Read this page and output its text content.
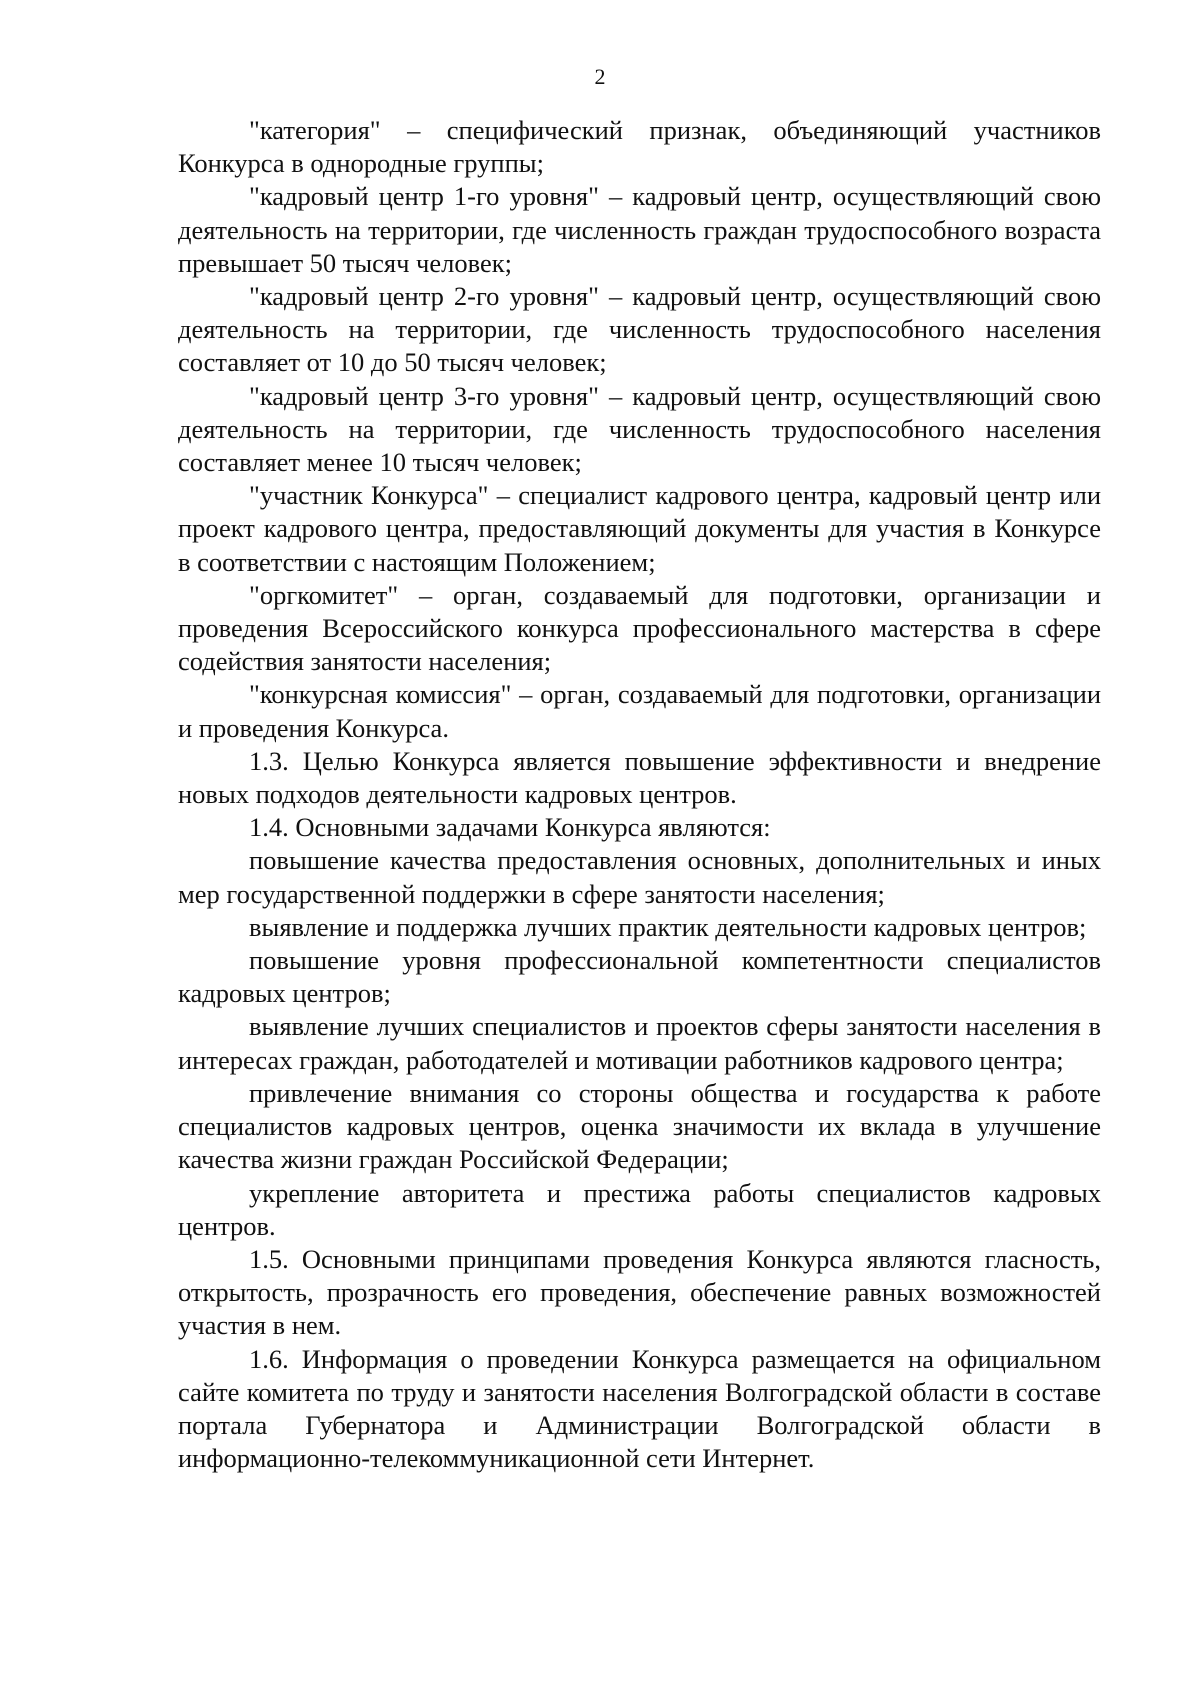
2

"категория" – специфический признак, объединяющий участников Конкурса в однородные группы;

"кадровый центр 1-го уровня" – кадровый центр, осуществляющий свою деятельность на территории, где численность граждан трудоспособного возраста превышает 50 тысяч человек;

"кадровый центр 2-го уровня" – кадровый центр, осуществляющий свою деятельность на территории, где численность трудоспособного населения составляет от 10 до 50 тысяч человек;

"кадровый центр 3-го уровня" – кадровый центр, осуществляющий свою деятельность на территории, где численность трудоспособного населения составляет менее 10 тысяч человек;

"участник Конкурса" – специалист кадрового центра, кадровый центр или проект кадрового центра, предоставляющий документы для участия в Конкурсе в соответствии с настоящим Положением;

"оргкомитет" – орган, создаваемый для подготовки, организации и проведения Всероссийского конкурса профессионального мастерства в сфере содействия занятости населения;

"конкурсная комиссия" – орган, создаваемый для подготовки, организации и проведения Конкурса.

1.3. Целью Конкурса является повышение эффективности и внедрение новых подходов деятельности кадровых центров.

1.4. Основными задачами Конкурса являются:

повышение качества предоставления основных, дополнительных и иных мер государственной поддержки в сфере занятости населения;

выявление и поддержка лучших практик деятельности кадровых центров;

повышение уровня профессиональной компетентности специалистов кадровых центров;

выявление лучших специалистов и проектов сферы занятости населения в интересах граждан, работодателей и мотивации работников кадрового центра;

привлечение внимания со стороны общества и государства к работе специалистов кадровых центров, оценка значимости их вклада в улучшение качества жизни граждан Российской Федерации;

укрепление авторитета и престижа работы специалистов кадровых центров.

1.5. Основными принципами проведения Конкурса являются гласность, открытость, прозрачность его проведения, обеспечение равных возможностей участия в нем.

1.6. Информация о проведении Конкурса размещается на официальном сайте комитета по труду и занятости населения Волгоградской области в составе портала Губернатора и Администрации Волгоградской области в информационно-телекоммуникационной сети Интернет.
